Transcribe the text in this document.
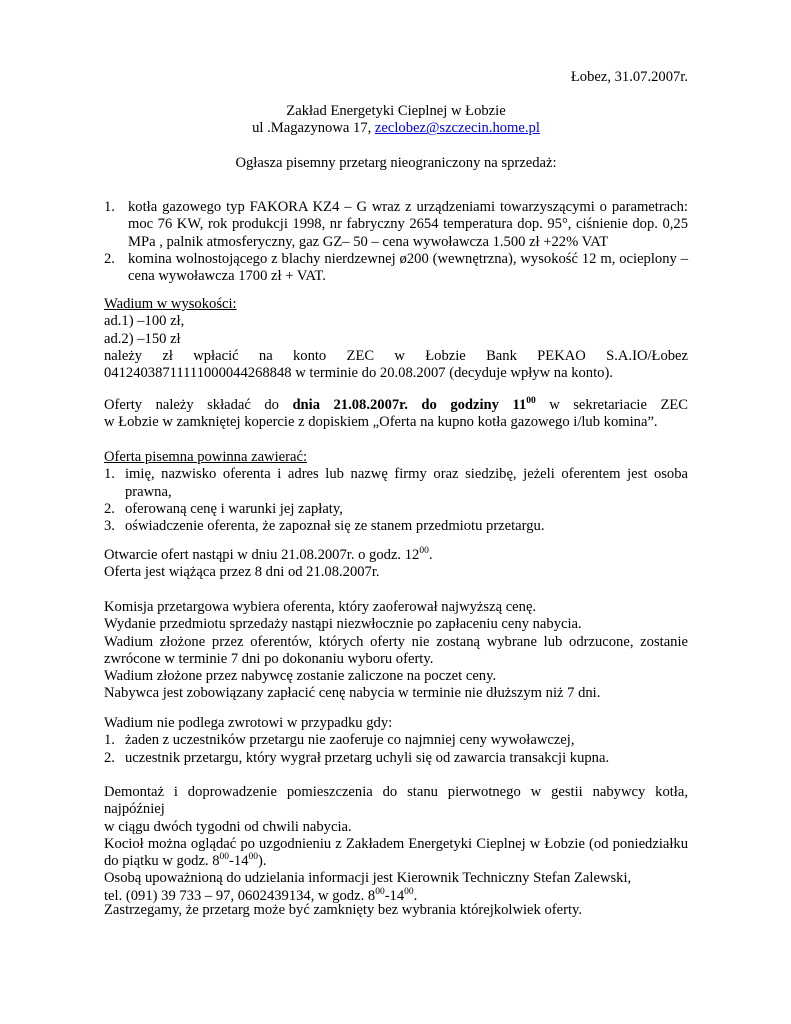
Łobez, 31.07.2007r.
Zakład Energetyki Cieplnej w Łobzie
ul .Magazynowa 17, zeclobez@szczecin.home.pl
Ogłasza pisemny przetarg nieograniczony na sprzedaż:
1. kotła gazowego typ FAKORA KZ4 – G wraz z urządzeniami towarzyszącymi o parametrach:
moc 76 KW, rok produkcji 1998, nr fabryczny 2654 temperatura dop. 95°, ciśnienie dop. 0,25
MPa , palnik atmosferyczny, gaz GZ– 50 – cena wywoławcza 1.500 zł +22% VAT
2. komina wolnostojącego z blachy nierdzewnej ø200 (wewnętrzna), wysokość 12 m, ocieplony –
cena wywoławcza 1700 zł + VAT.
Wadium w wysokości:
ad.1) –100 zł,
ad.2) –150 zł
należy zł wpłacić na konto ZEC w Łobzie Bank PEKAO S.A.IO/Łobez
04124038711111000044268848 w terminie do 20.08.2007 (decyduje wpływ na konto).
Oferty należy składać do dnia 21.08.2007r. do godziny $11^{00}$ w sekretariacie ZEC
w Łobzie w zamkniętej kopercie z dopiskiem „Oferta na kupno kotła gazowego i/lub komina”.
Oferta pisemna powinna zawierać:
1. imię, nazwisko oferenta i adres lub nazwę firmy oraz siedzibę, jeżeli oferentem jest osoba
prawna,
2. oferowaną cenę i warunki jej zapłaty,
3. oświadczenie oferenta, że zapoznał się ze stanem przedmiotu przetargu.
Otwarcie ofert nastąpi w dniu 21.08.2007r. o godz. $12^{00}$.
Oferta jest wiążąca przez 8 dni od 21.08.2007r.
Komisja przetargowa wybiera oferenta, który zaoferował najwyższą cenę.
Wydanie przedmiotu sprzedaży nastąpi niezwłocznie po zapłaceniu ceny nabycia.
Wadium złożone przez oferentów, których oferty nie zostaną wybrane lub odrzucone, zostanie
zwrócone w terminie 7 dni po dokonaniu wyboru oferty.
Wadium złożone przez nabywcę zostanie zaliczone na poczet ceny.
Nabywca jest zobowiązany zapłacić cenę nabycia w terminie nie dłuższym niż 7 dni.
Wadium nie podlega zwrotowi w przypadku gdy:
1. żaden z uczestników przetargu nie zaoferuje co najmniej ceny wywoławczej,
2. uczestnik przetargu, który wygrał przetarg uchyli się od zawarcia transakcji kupna.
Demontaż i doprowadzenie pomieszczenia do stanu pierwotnego w gestii nabywcy kotła, najpóźniej
w ciągu dwóch tygodni od chwili nabycia.
Kocioł można oglądać po uzgodnieniu z Zakładem Energetyki Cieplnej w Łobzie (od poniedziałku
do piątku w godz. $8^{00}-14^{00}$).
Osobą upoważnioną do udzielania informacji jest Kierownik Techniczny Stefan Zalewski,
tel. (091) 39 733 – 97, 0602439134, w godz. $8^{00}-14^{00}$.
Zastrzegamy, że przetarg może być zamknięty bez wybrania którejkolwiek oferty.
